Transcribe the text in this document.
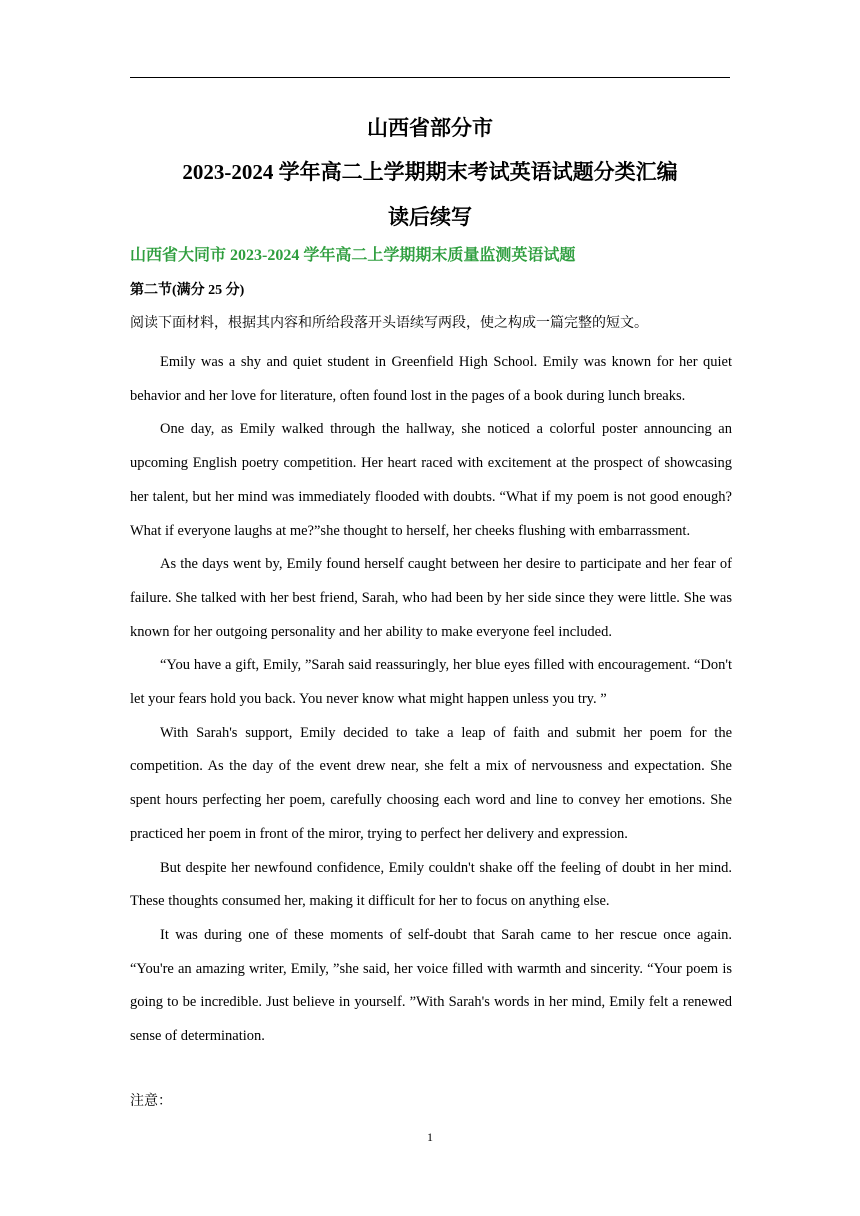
山西省部分市
2023-2024 学年高二上学期期末考试英语试题分类汇编
读后续写
山西省大同市 2023-2024 学年高二上学期期末质量监测英语试题

第二节(满分 25 分)

阅读下面材料，根据其内容和所给段落开头语续写两段，使之构成一篇完整的短文。

Emily was a shy and quiet student in Greenfield High School. Emily was known for her quiet behavior and her love for literature, often found lost in the pages of a book during lunch breaks.

One day, as Emily walked through the hallway, she noticed a colorful poster announcing an upcoming English poetry competition. Her heart raced with excitement at the prospect of showcasing her talent, but her mind was immediately flooded with doubts. “What if my poem is not good enough? What if everyone laughs at me?”she thought to herself, her cheeks flushing with embarrassment.

As the days went by, Emily found herself caught between her desire to participate and her fear of failure. She talked with her best friend, Sarah, who had been by her side since they were little. She was known for her outgoing personality and her ability to make everyone feel included.

“You have a gift, Emily, ”Sarah said reassuringly, her blue eyes filled with encouragement. “Don't let your fears hold you back. You never know what might happen unless you try. ”

With Sarah's support, Emily decided to take a leap of faith and submit her poem for the competition. As the day of the event drew near, she felt a mix of nervousness and expectation. She spent hours perfecting her poem, carefully choosing each word and line to convey her emotions. She practiced her poem in front of the miror, trying to perfect her delivery and expression.

But despite her newfound confidence, Emily couldn't shake off the feeling of doubt in her mind. These thoughts consumed her, making it difficult for her to focus on anything else.

It was during one of these moments of self-doubt that Sarah came to her rescue once again. “You're an amazing writer, Emily, ”she said, her voice filled with warmth and sincerity. “Your poem is going to be incredible. Just believe in yourself. ”With Sarah's words in her mind, Emily felt a renewed sense of determination.

注意：

1
